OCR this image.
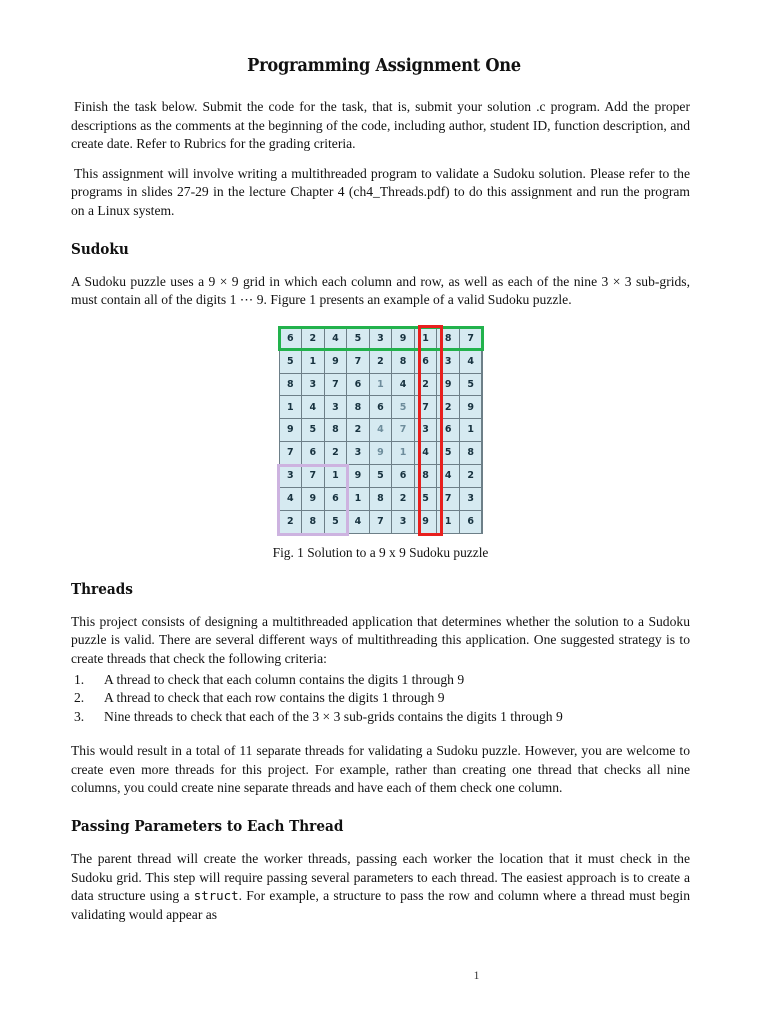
Programming Assignment One

Finish the task below. Submit the code for the task, that is, submit your solution .c program. Add the proper descriptions as the comments at the beginning of the code, including author, student ID, function description, and create date. Refer to Rubrics for the grading criteria.

This assignment will involve writing a multithreaded program to validate a Sudoku solution. Please refer to the programs in slides 27-29 in the lecture Chapter 4 (ch4_Threads.pdf) to do this assignment and run the program on a Linux system.

Sudoku

A Sudoku puzzle uses a 9 × 9 grid in which each column and row, as well as each of the nine 3 × 3 sub-grids, must contain all of the digits 1 ⋯ 9. Figure 1 presents an example of a valid Sudoku puzzle.

6	2	4	5	3	9	1	8	7
5	1	9	7	2	8	6	3	4
8	3	7	6	1	4	2	9	5
1	4	3	8	6	5	7	2	9
9	5	8	2	4	7	3	6	1
7	6	2	3	9	1	4	5	8
3	7	1	9	5	6	8	4	2
4	9	6	1	8	2	5	7	3
2	8	5	4	7	3	9	1	6
Fig. 1 Solution to a 9 x 9 Sudoku puzzle
Threads

This project consists of designing a multithreaded application that determines whether the solution to a Sudoku puzzle is valid. There are several different ways of multithreading this application. One suggested strategy is to create threads that check the following criteria:

1. A thread to check that each column contains the digits 1 through 9
2. A thread to check that each row contains the digits 1 through 9
3. Nine threads to check that each of the 3 × 3 sub-grids contains the digits 1 through 9

This would result in a total of 11 separate threads for validating a Sudoku puzzle. However, you are welcome to create even more threads for this project. For example, rather than creating one thread that checks all nine columns, you could create nine separate threads and have each of them check one column.

Passing Parameters to Each Thread

The parent thread will create the worker threads, passing each worker the location that it must check in the Sudoku grid. This step will require passing several parameters to each thread. The easiest approach is to create a data structure using a struct. For example, a structure to pass the row and column where a thread must begin validating would appear as

1
